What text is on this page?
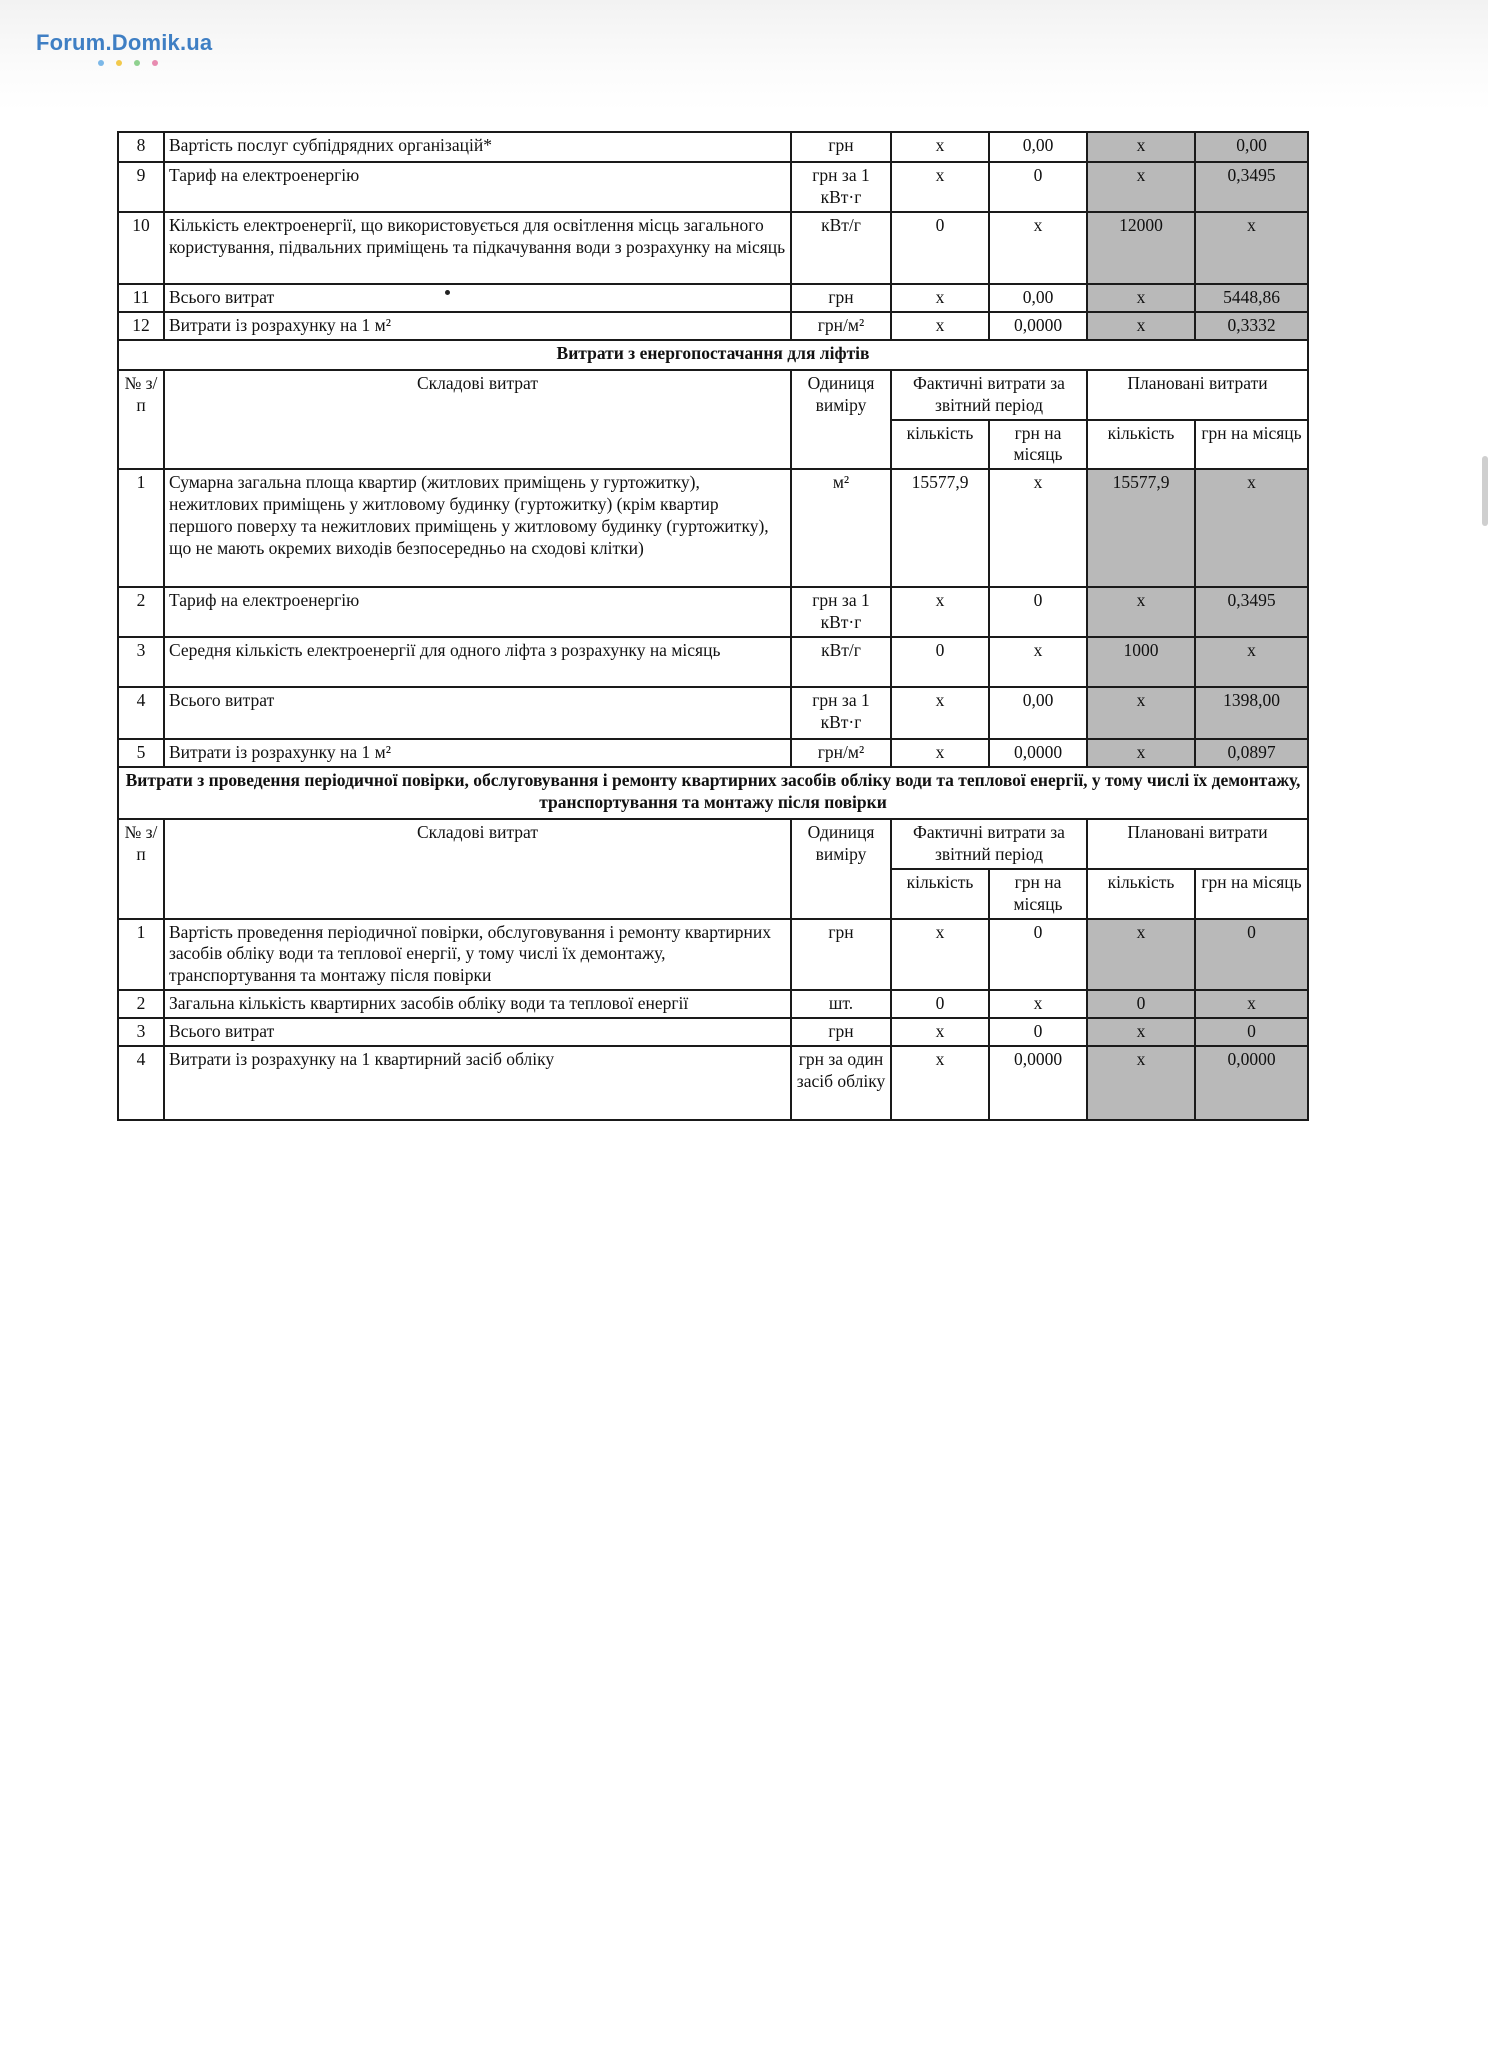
Forum.Domik.ua
8	Вартість послуг субпідрядних організацій*	грн	х	0,00	х	0,00
9	Тариф на електроенергію	грн за 1 кВт·г	х	0	х	0,3495
10	Кількість електроенергії, що використовується для освітлення місць загального користування, підвальних приміщень та підкачування води з розрахунку на місяць	кВт/г	0	х	12000	х
11	Всього витрат	грн	х	0,00	х	5448,86
12	Витрати із розрахунку на 1 м²	грн/м²	х	0,0000	х	0,3332
Витрати з енергопостачання для ліфтів						
№ з/п	Складові витрат	Одиниця виміру	Фактичні витрати за звітний період		Плановані витрати	
			кількість	грн на місяць	кількість	грн на місяць
1	Сумарна загальна площа квартир (житлових приміщень у гуртожитку), нежитлових приміщень у житловому будинку (гуртожитку) (крім квартир першого поверху та нежитлових приміщень у житловому будинку (гуртожитку), що не мають окремих виходів безпосередньо на сходові клітки)	м²	15577,9	х	15577,9	х
2	Тариф на електроенергію	грн за 1 кВт·г	х	0	х	0,3495
3	Середня кількість електроенергії для одного ліфта з розрахунку на місяць	кВт/г	0	х	1000	х
4	Всього витрат	грн за 1 кВт·г	х	0,00	х	1398,00
5	Витрати із розрахунку на 1 м²	грн/м²	х	0,0000	х	0,0897
Витрати з проведення періодичної повірки, обслуговування і ремонту квартирних засобів обліку води та теплової енергії, у тому числі їх демонтажу, транспортування та монтажу після повірки						
№ з/п	Складові витрат	Одиниця виміру	Фактичні витрати за звітний період		Плановані витрати	
			кількість	грн на місяць	кількість	грн на місяць
1	Вартість проведення періодичної повірки, обслуговування і ремонту квартирних засобів обліку води та теплової енергії, у тому числі їх демонтажу, транспортування та монтажу після повірки	грн	х	0	х	0
2	Загальна кількість квартирних засобів обліку води та теплової енергії	шт.	0	х	0	х
3	Всього витрат	грн	х	0	х	0
4	Витрати із розрахунку на 1 квартирний засіб обліку	грн за один засіб обліку	х	0,0000	х	0,0000
